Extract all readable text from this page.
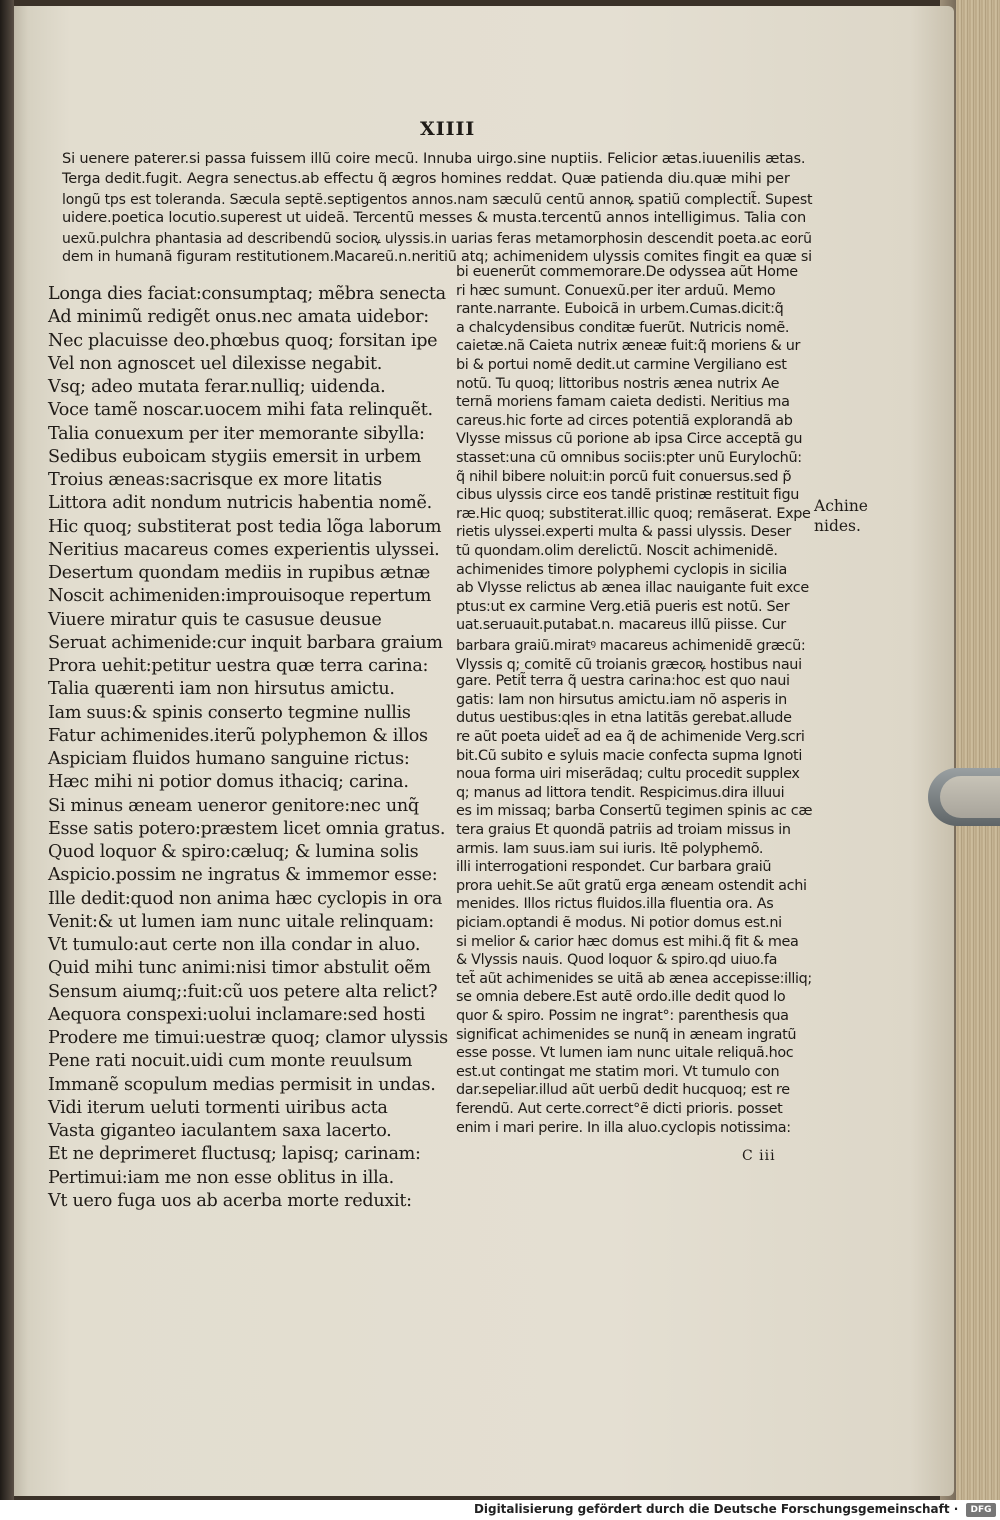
XIIII
Si uenere paterer.si passa fuissem illũ coire mecũ. Innuba uirgo.sine nuptiis. Felicior ætas.iuuenilis ætas.
Terga dedit.fugit. Aegra senectus.ab effectu q̃ ægros homines reddat. Quæ patienda diu.quæ mihi per
longũ tps est toleranda. Sæcula septẽ.septigentos annos.nam sæculũ centũ annoꝶ spatiũ complectit̃. Supest
uidere.poetica locutio.superest ut uideã. Tercentũ messes & musta.tercentũ annos intelligimus. Talia con
uexũ.pulchra phantasia ad describendũ socioꝶ ulyssis.in uarias feras metamorphosin descendit poeta.ac eorũ
dem in humanã figuram restitutionem.Macareũ.n.neritiũ atq; achimenidem ulyssis comites fingit ea quæ si
Longa dies faciat:consumptaq; mẽbra senecta
Ad minimũ redigẽt onus.nec amata uidebor:
Nec placuisse deo.phœbus quoq; forsitan ipe
Vel non agnoscet uel dilexisse negabit.
Vsq; adeo mutata ferar.nulliq; uidenda.
Voce tamẽ noscar.uocem mihi fata relinquẽt.
Talia conuexum per iter memorante sibylla:
Sedibus euboicam stygiis emersit in urbem
Troius æneas:sacrisque ex more litatis
Littora adit nondum nutricis habentia nomẽ.
Hic quoq; substiterat post tedia lõga laborum
Neritius macareus comes experientis ulyssei.
Desertum quondam mediis in rupibus ætnæ
Noscit achimeniden:improuisoque repertum
Viuere miratur quis te casusue deusue
Seruat achimenide:cur inquit barbara graium
Prora uehit:petitur uestra quæ terra carina:
Talia quærenti iam non hirsutus amictu.
Iam suus:& spinis conserto tegmine nullis
Fatur achimenides.iterũ polyphemon & illos
Aspiciam fluidos humano sanguine rictus:
Hæc mihi ni potior domus ithaciq; carina.
Si minus æneam ueneror genitore:nec unq̃
Esse satis potero:præstem licet omnia gratus.
Quod loquor & spiro:cæluq; & lumina solis
Aspicio.possim ne ingratus & immemor esse:
Ille dedit:quod non anima hæc cyclopis in ora
Venit:& ut lumen iam nunc uitale relinquam:
Vt tumulo:aut certe non illa condar in aluo.
Quid mihi tunc animi:nisi timor abstulit oẽm
Sensum aiumq;:fuit:cũ uos petere alta relict?
Aequora conspexi:uolui inclamare:sed hosti
Prodere me timui:uestræ quoq; clamor ulyssis
Pene rati nocuit.uidi cum monte reuulsum
Immanẽ scopulum medias permisit in undas.
Vidi iterum ueluti tormenti uiribus acta
Vasta giganteo iaculantem saxa lacerto.
Et ne deprimeret fluctusq; lapisq; carinam:
Pertimui:iam me non esse oblitus in illa.
Vt uero fuga uos ab acerba morte reduxit:
bi euenerũt commemorare.De odyssea aũt Home
ri hæc sumunt. Conuexũ.per iter arduũ. Memo
rante.narrante. Euboicã in urbem.Cumas.dicit:q̃
a chalcydensibus conditæ fuerũt. Nutricis nomẽ.
caietæ.nã Caieta nutrix æneæ fuit:q̃ moriens & ur
bi & portui nomẽ dedit.ut carmine Vergiliano est
notũ. Tu quoq; littoribus nostris ænea nutrix Ae
ternã moriens famam caieta dedisti. Neritius ma
careus.hic forte ad circes potentiã explorandã ab
Vlysse missus cũ porione ab ipsa Circe acceptã gu
stasset:una cũ omnibus sociis:pter unũ Eurylochũ:
q̃ nihil bibere noluit:in porcũ fuit conuersus.sed p̃
cibus ulyssis circe eos tandẽ pristinæ restituit figu
ræ.Hic quoq; substiterat.illic quoq; remãserat. Expe
rietis ulyssei.experti multa & passi ulyssis. Deser
tũ quondam.olim derelictũ. Noscit achimenidẽ.
achimenides timore polyphemi cyclopis in sicilia
ab Vlysse relictus ab ænea illac nauigante fuit exce
ptus:ut ex carmine Verg.etiã pueris est notũ. Ser
uat.seruauit.putabat.n. macareus illũ piisse. Cur
barbara graiũ.miratꝰ macareus achimenidẽ græcũ:
Vlyssis q; comitẽ cũ troianis græcoꝶ hostibus naui
gare. Petit̃ terra q̃ uestra carina:hoc est quo naui
gatis: Iam non hirsutus amictu.iam nõ asperis in
dutus uestibus:qles in etna latitãs gerebat.allude
re aũt poeta uidet̃ ad ea q̃ de achimenide Verg.scri
bit.Cũ subito e syluis macie confecta supma Ignoti
noua forma uiri miserãdaq; cultu procedit supplex
q; manus ad littora tendit. Respicimus.dira illuui
es im missaq; barba Consertũ tegimen spinis ac cæ
tera graius Et quondã patriis ad troiam missus in
armis. Iam suus.iam sui iuris. Itẽ polyphemõ.
illi interrogationi respondet. Cur barbara graiũ
prora uehit.Se aũt gratũ erga æneam ostendit achi
menides. Illos rictus fluidos.illa fluentia ora. As
piciam.optandi ẽ modus. Ni potior domus est.ni
si melior & carior hæc domus est mihi.q̃ fit & mea
& Vlyssis nauis. Quod loquor & spiro.qd uiuo.fa
tet̃ aũt achimenides se uitã ab ænea accepisse:illiq;
se omnia debere.Est autẽ ordo.ille dedit quod lo
quor & spiro. Possim ne ingrat°: parenthesis qua
significat achimenides se nunq̃ in æneam ingratũ
esse posse. Vt lumen iam nunc uitale reliquã.hoc
est.ut contingat me statim mori. Vt tumulo con
dar.sepeliar.illud aũt uerbũ dedit hucquoq; est re
ferendũ. Aut certe.correct°ẽ dicti prioris. posset
enim i mari perire. In illa aluo.cyclopis notissima:
Achine
nides.
C iii
Digitalisierung gefördert durch die Deutsche Forschungsgemeinschaft ·	DFG
